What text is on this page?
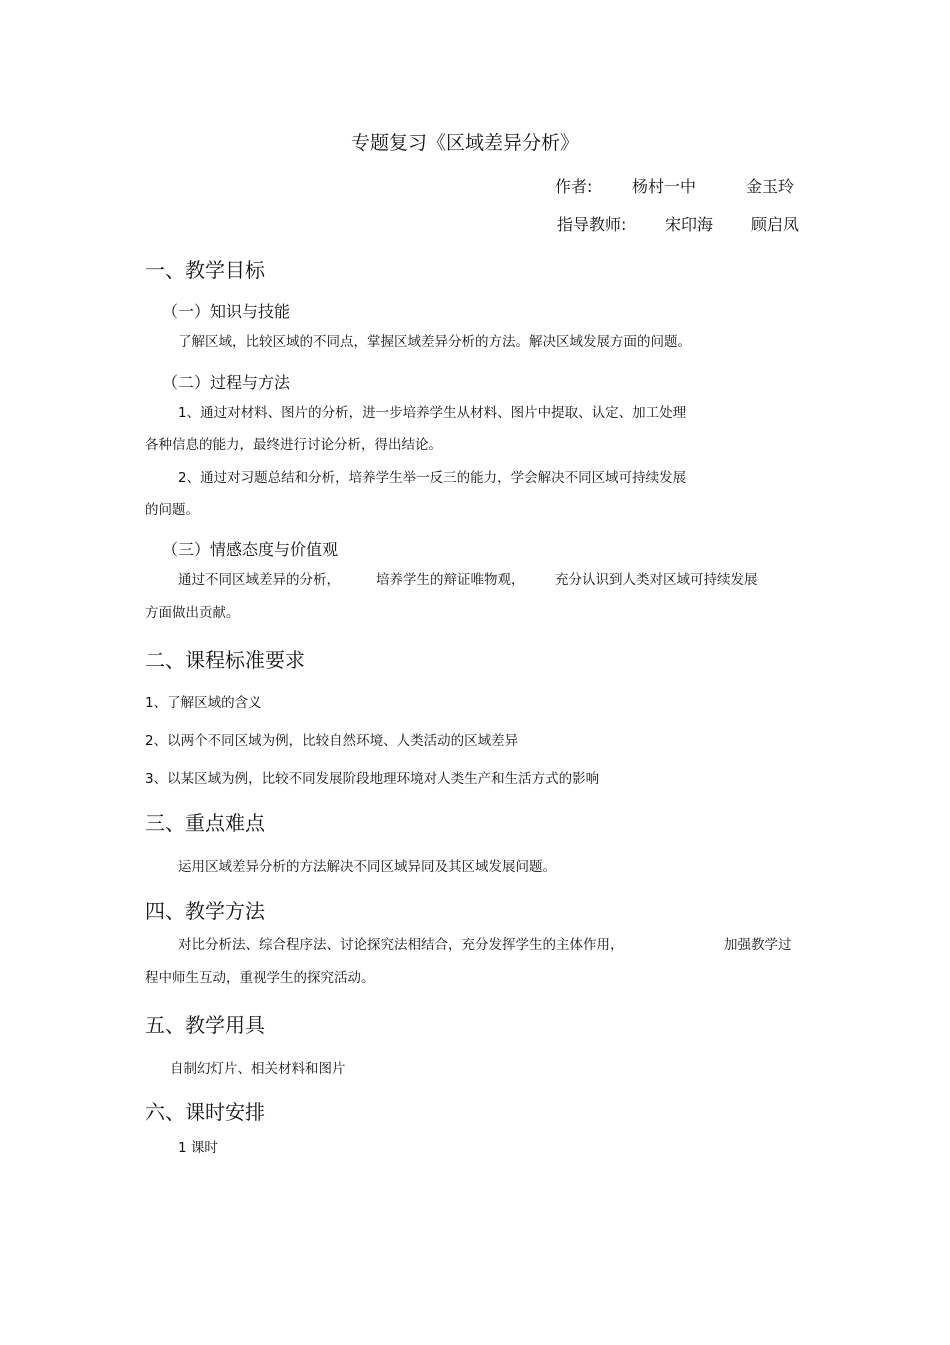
专题复习《区域差异分析》
作者: 杨村一中	金玉玲
指导教师: 宋印海 顾启凤
一、教学目标
（一）知识与技能
了解区域，比较区域的不同点，掌握区域差异分析的方法。解决区域发展方面的问题。
（二）过程与方法
1、通过对材料、图片的分析，进一步培养学生从材料、图片中提取、认定、加工处理
各种信息的能力，最终进行讨论分析，得出结论。
2、通过对习题总结和分析，培养学生举一反三的能力，学会解决不同区域可持续发展
的问题。
（三）情感态度与价值观
通过不同区域差异的分析，	培养学生的辩证唯物观， 充分认识到人类对区域可持续发展
方面做出贡献。
二、课程标准要求
1、了解区域的含义
2、以两个不同区域为例，比较自然环境、人类活动的区域差异
3、以某区域为例，比较不同发展阶段地理环境对人类生产和生活方式的影响
三、重点难点
运用区域差异分析的方法解决不同区域异同及其区域发展问题。
四、教学方法
对比分析法、综合程序法、讨论探究法相结合，充分发挥学生的主体作用，	加强教学过
程中师生互动，重视学生的探究活动。
五、教学用具
自制幻灯片、相关材料和图片
六、课时安排
1 课时
